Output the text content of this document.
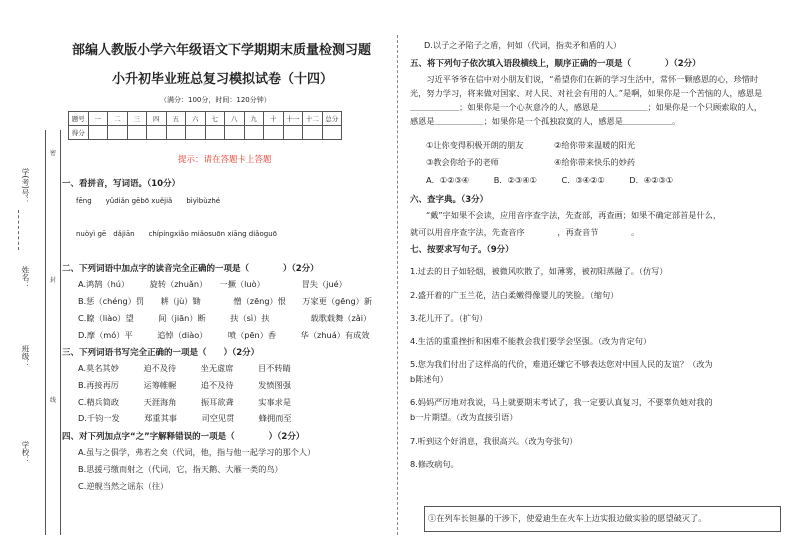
学(考)号：
姓名：
班级：
学校：
密
封
线
部编人教版小学六年级语文下学期期末质量检测习题
小升初毕业班总复习模拟试卷（十四）
（满分：100分，时间：120分钟）
题号	一	二	三	四	五	六	七	八	九	十	十一	十二	总分
得分													
提示：请在答题卡上答题
一、看拼音，写词语。（10分）
fēng　　yǔdiǎn gēbō xuějiǎ　　bìyìbùzhé
nuòyì gē　dǎjiān　　chípíngxiǎo miǎosuōn xiāng diǎoguō
二、下列词语中加点字的读音完全正确的一项是（　　　　）（2分）
A.鸿鹄（hú）　　　旋转（zhuǎn）　　一撅（luò）　　　　　冒失（jué）
B.惩（chéng）罚　　耕（jù）锄　　　　憎（zēng）恨　　万家更（gēng）新
C.瞭（liào）望　　　间（jiān）断　　　扶（sì）扶　　　　　载歌载舞（zǎi）
D.摩（mó）平　　　追悼（diào）　　　喷（pēn）香　　　华（zhuá）有成效
三、下列词语书写完全正确的一项是（　　）（2分）
A.莫名其妙　　　迫不及待　　　坐无虚席　　　目不转睛
B.再接再厉　　　运筹帷幄　　　追不及待　　　发愤图强
C.精兵简政　　　天涯海角　　　振耳欲聋　　　实事求是
D.千钧一发　　　郑重其事　　　司空见贯　　　蜂拥而至
四、对下列加点字“之”字解释错误的一项是（　　　　）（2分）
A.虽与之俱学，弗若之矣（代词，他，指与他一起学习的那个人）
B.思援弓缴而射之（代词，它，指天鹅、大雁一类的鸟）
C.逆舰当然之谣东（往）
D.以子之矛陷子之盾，何如（代词，指卖矛和盾的人）
五、将下列句子依次填入语段横线上，顺序正确的一项是（　　　　）（2分）
习近平爷爷在信中对小朋友们说，“希望你们在新的学习生活中，常怀一颗感恩的心，珍惜时光，努力学习，将来做对国家、对人民、对社会有用的人。”是啊，如果你是一个苦恼的人，感恩是＿＿＿＿＿＿；如果你是一个心灰意冷的人，感恩是＿＿＿＿＿＿；如果你是一个只顾索取的人，感恩是＿＿＿＿＿＿；如果你是一个孤独寂寞的人，感恩是＿＿＿＿＿＿。
①让你变得积极开朗的朋友	②给你带来温暖的阳光
③教会你给予的老师	④给你带来快乐的妙药
A．①②③④　　　B．②③④①　　　C．③④②①　　　D．④②③①
六、查字典。（3分）
“戴”字如果不会读，应用音序查字法，先查部，再查画；如果不确定部首是什么，
就可以用音序查字法，先查音序　　　　，再查音节　　　　。
七、按要求写句子。（9分）
1.过去的日子如轻烟，被微风吹散了，如薄雾，被初阳蒸融了。（仿写）
2.盛开着的广玉兰花，洁白柔嫩得像婴儿的笑脸。（缩句）
3.花儿开了。（扩句）
4.生活的重重挫折和困难不能教会我们要学会坚强。（改为肯定句）
5.您为我们付出了这样高的代价，难道还嫌它不够表达您对中国人民的友谊？（改为
b陈述句）
6.妈妈严厉地对我说，马上就要期末考试了，我一定要认真复习，不要辜负她对我的
b一片期望。（改为直接引语）
7.听到这个好消息，我很高兴。（改为夸张句）
8.修改病句。
①在列车长钽暴的干涉下，使爱迪生在火车上边实报边做实验的愿望破灭了。
